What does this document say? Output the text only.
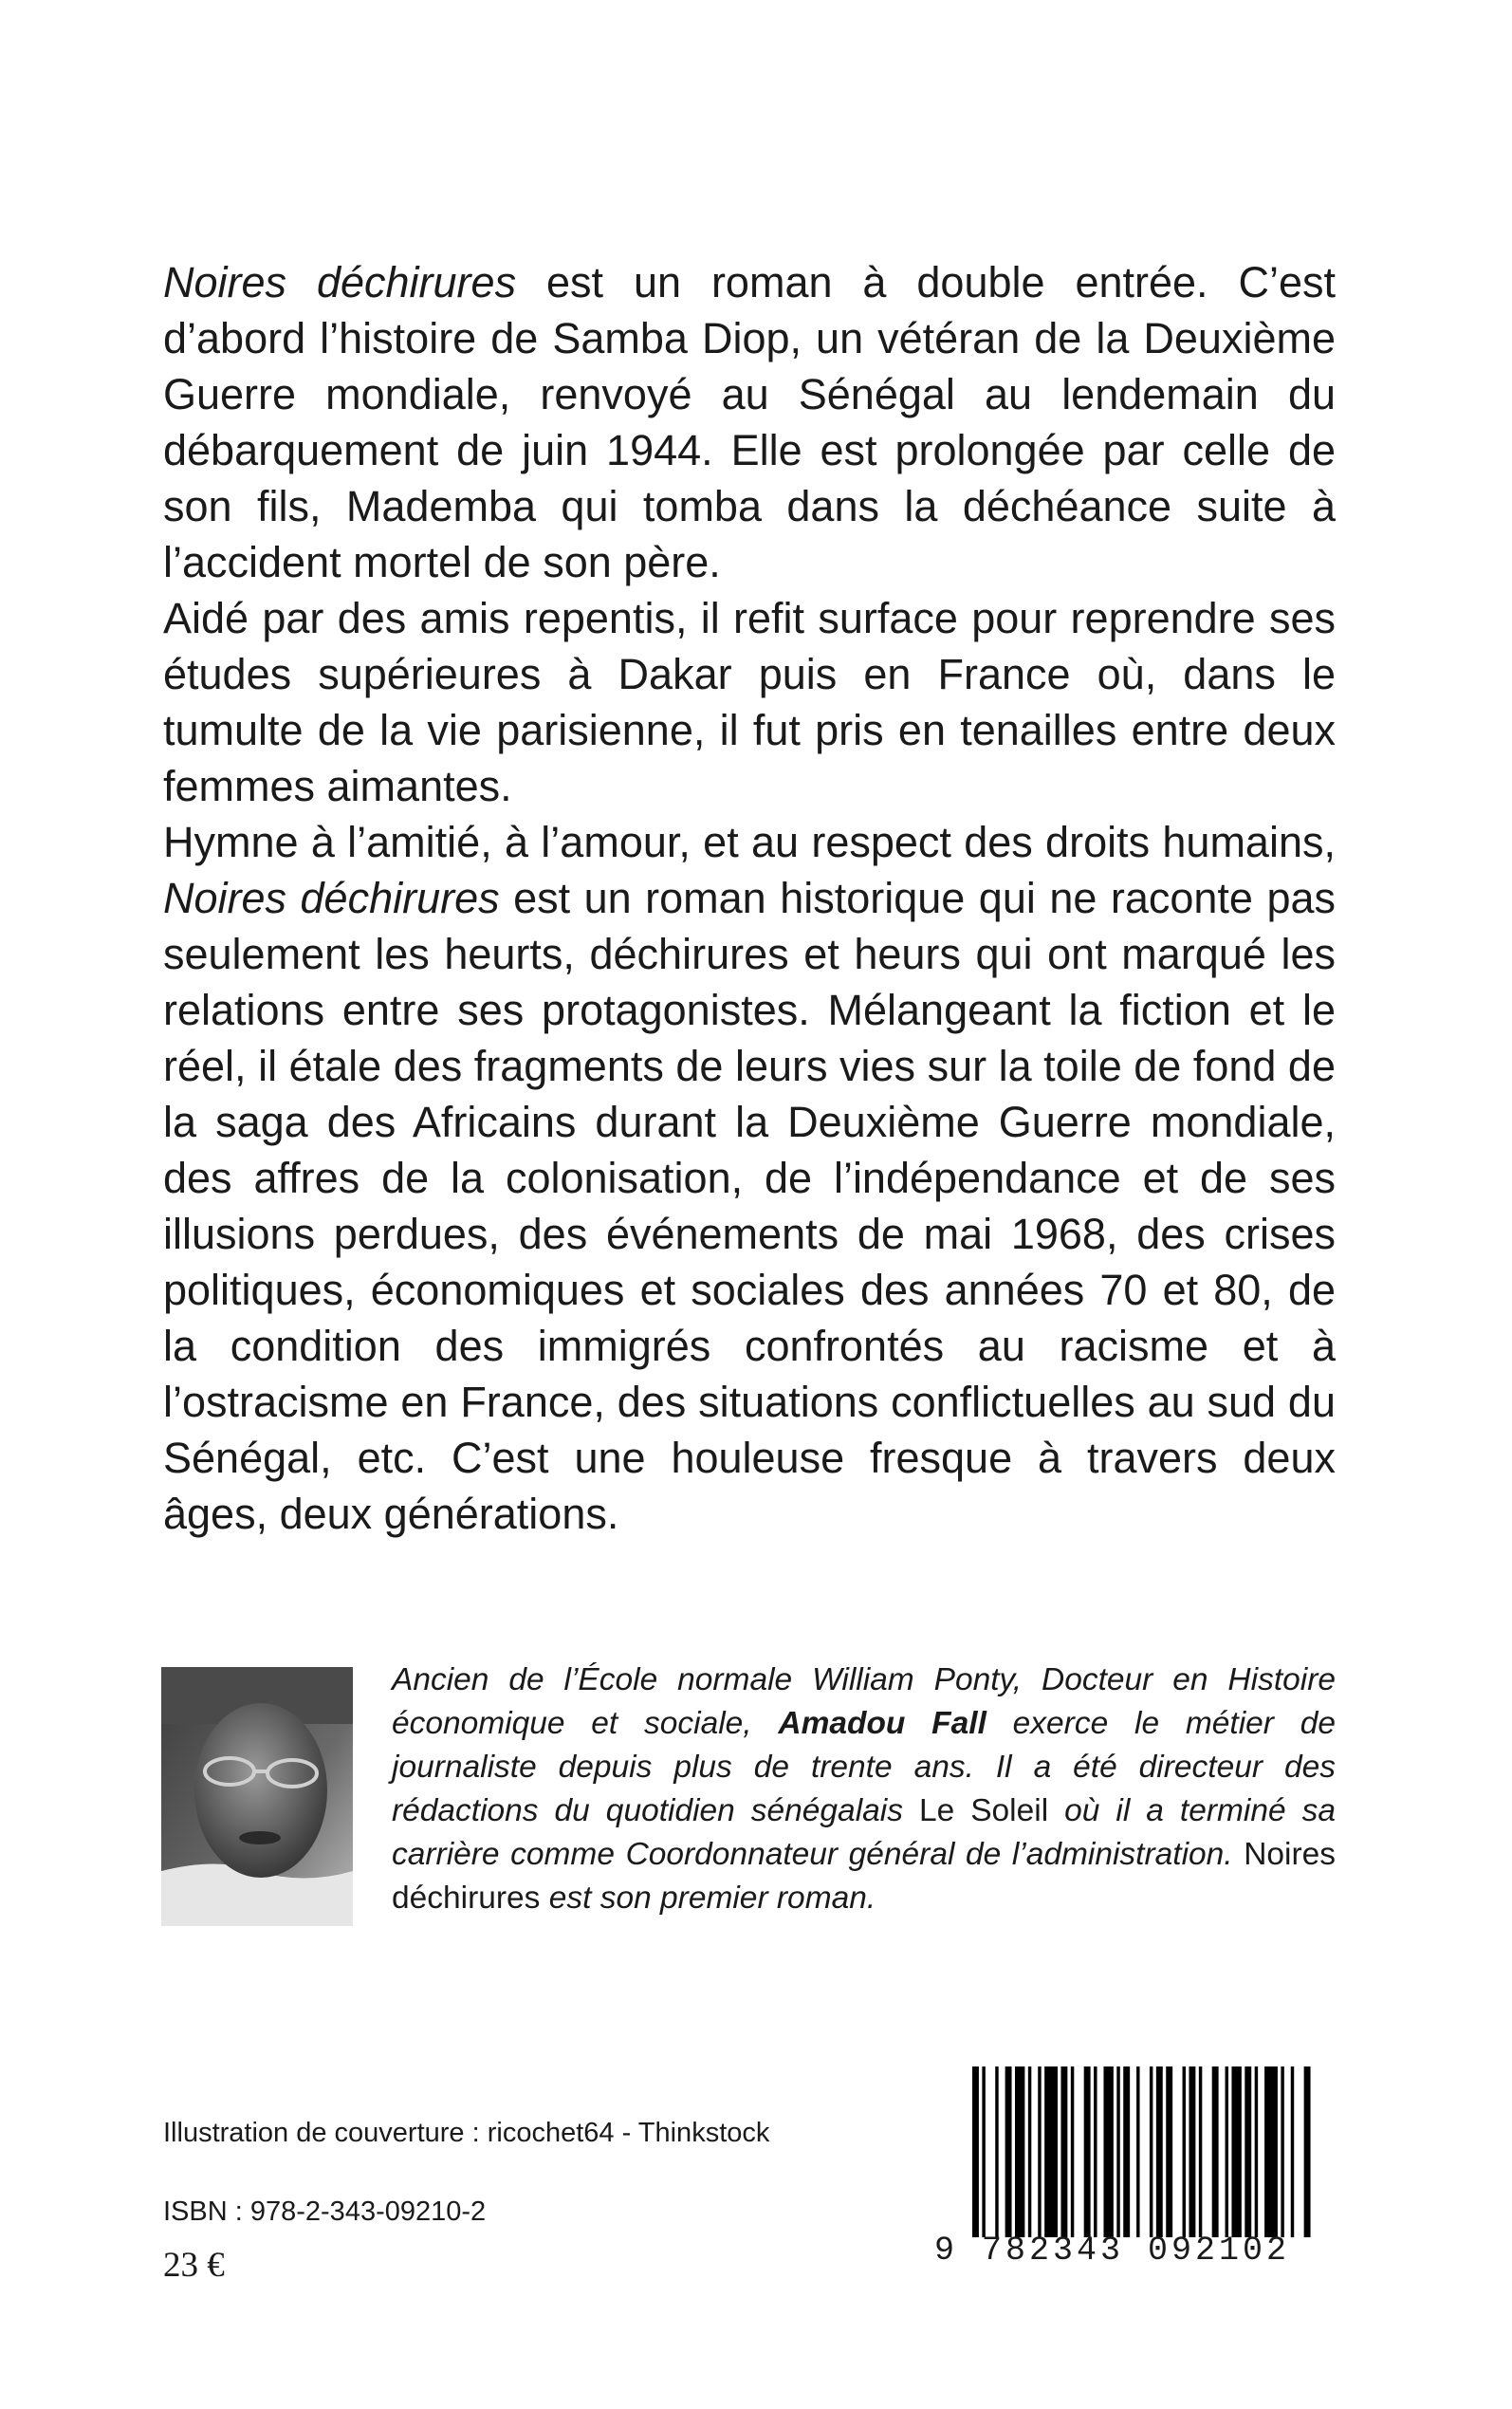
Noires déchirures est un roman à double entrée. C’est d’abord l’histoire de Samba Diop, un vétéran de la Deuxième Guerre mondiale, renvoyé au Sénégal au lendemain du débarquement de juin 1944. Elle est prolongée par celle de son fils, Mademba qui tomba dans la déchéance suite à l’accident mortel de son père.

Aidé par des amis repentis, il refit surface pour reprendre ses études supérieures à Dakar puis en France où, dans le tumulte de la vie parisienne, il fut pris en tenailles entre deux femmes aimantes.

Hymne à l’amitié, à l’amour, et au respect des droits humains, Noires déchirures est un roman historique qui ne raconte pas seulement les heurts, déchirures et heurs qui ont marqué les relations entre ses protagonistes. Mélangeant la fiction et le réel, il étale des fragments de leurs vies sur la toile de fond de la saga des Africains durant la Deuxième Guerre mondiale, des affres de la colonisation, de l’indépendance et de ses illusions perdues, des événements de mai 1968, des crises politiques, économiques et sociales des années 70 et 80, de la condition des immigrés confrontés au racisme et à l’ostracisme en France, des situations conflictuelles au sud du Sénégal, etc. C’est une houleuse fresque à travers deux âges, deux générations.

Ancien de l’École normale William Ponty, Docteur en Histoire économique et sociale, Amadou Fall exerce le métier de journaliste depuis plus de trente ans. Il a été directeur des rédactions du quotidien sénégalais Le Soleil où il a terminé sa carrière comme Coordonnateur général de l’administration. Noires déchirures est son premier roman.

Illustration de couverture : ricochet64 - Thinkstock
ISBN : 978-2-343-09210-2
23 €	9 782343 092102
